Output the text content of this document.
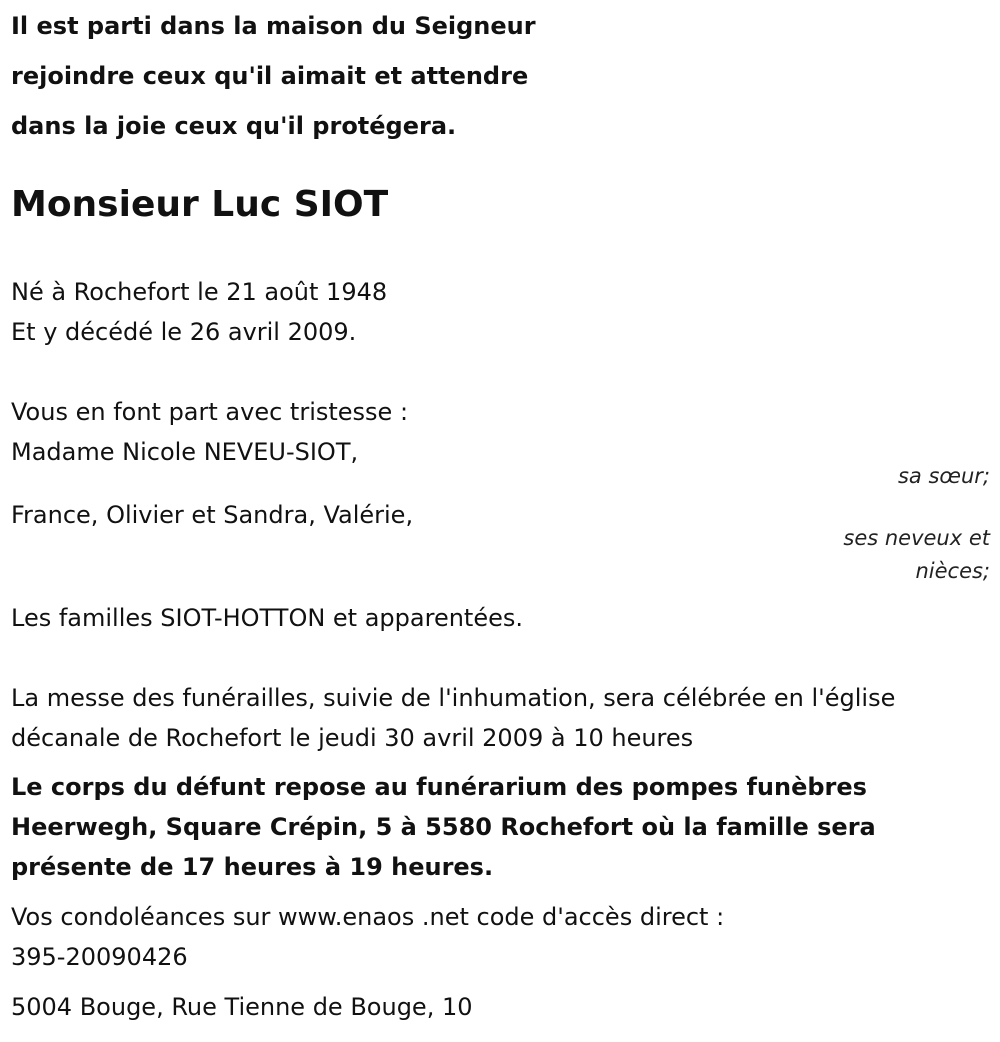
Il est parti dans la maison du Seigneur
rejoindre ceux qu'il aimait et attendre
dans la joie ceux qu'il protégera.
Monsieur Luc SIOT
Né à Rochefort le 21 août 1948
Et y décédé le 26 avril 2009.
Vous en font part avec tristesse :
Madame Nicole NEVEU-SIOT,
sa sœur;
France, Olivier et Sandra, Valérie,
ses neveux et
nièces;
Les familles SIOT-HOTTON et apparentées.
La messe des funérailles, suivie de l'inhumation, sera célébrée en l'église
décanale de Rochefort le jeudi 30 avril 2009 à 10 heures
Le corps du défunt repose au funérarium des pompes funèbres
Heerwegh, Square Crépin, 5 à 5580 Rochefort où la famille sera
présente de 17 heures à 19 heures.
Vos condoléances sur www.enaos .net code d'accès direct :
395-20090426
5004 Bouge, Rue Tienne de Bouge, 10
